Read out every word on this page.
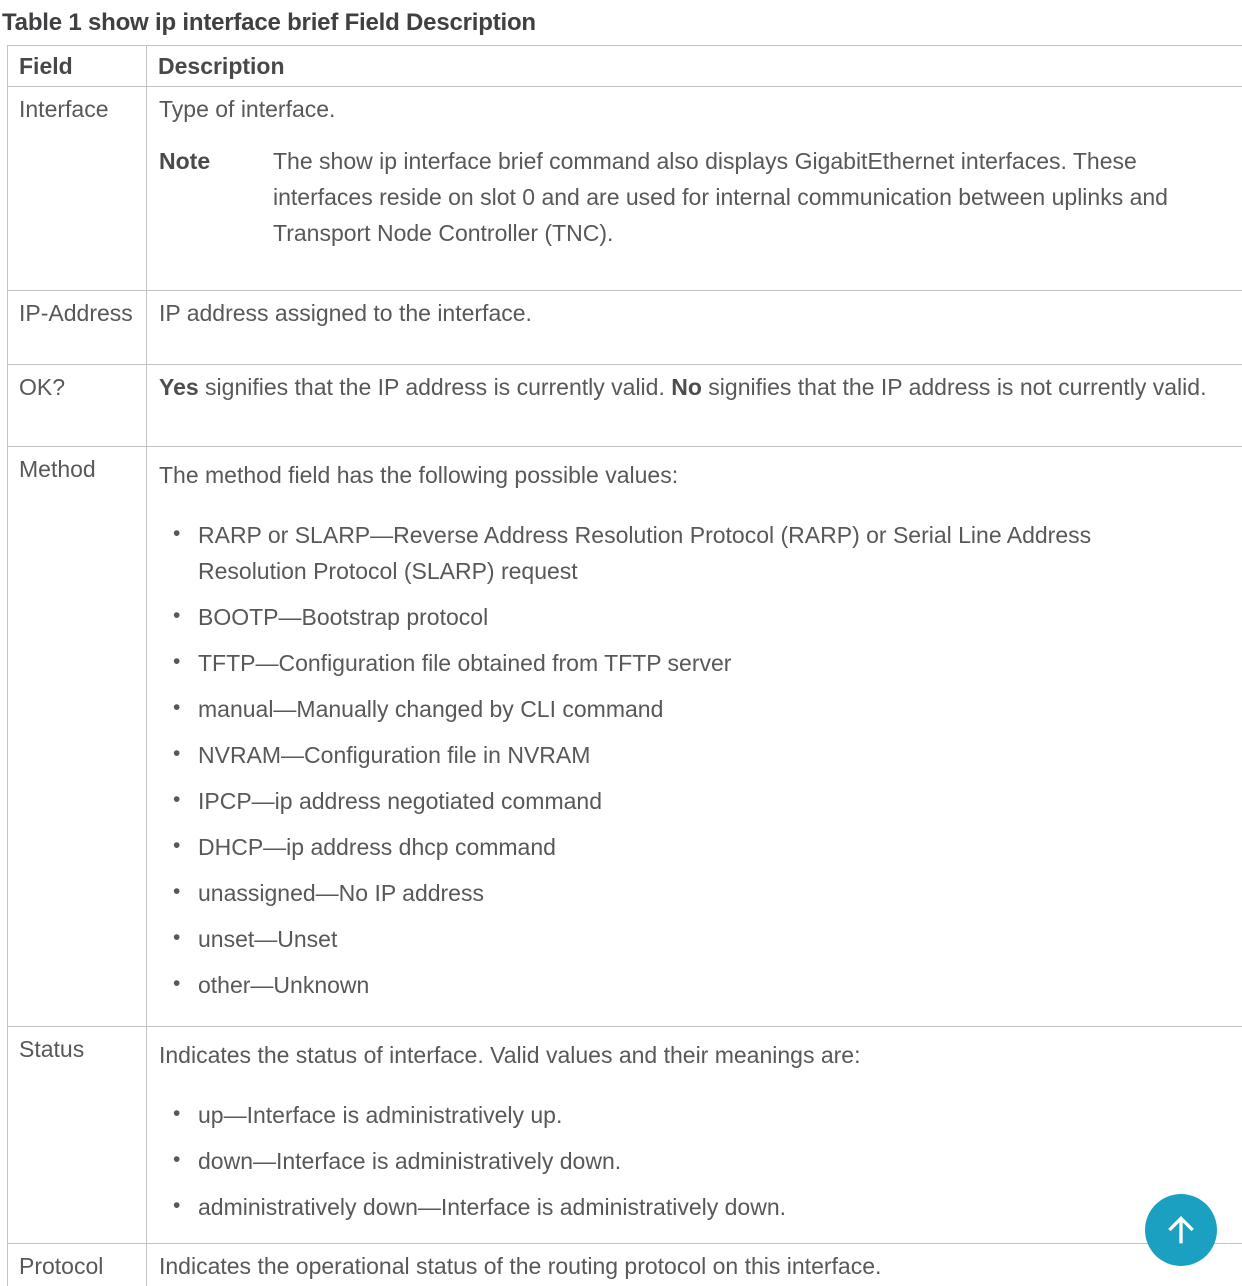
Table 1 show ip interface brief Field Description
Field	Description
Interface	Type of interface.

Note The show ip interface brief command also displays GigabitEthernet interfaces. These interfaces reside on slot 0 and are used for internal communication between uplinks and Transport Node Controller (TNC).

IP-Address	IP address assigned to the interface.

OK?	Yes signifies that the IP address is currently valid. No signifies that the IP address is not currently valid.

Method	The method field has the following possible values:

• RARP or SLARP—Reverse Address Resolution Protocol (RARP) or Serial Line Address Resolution Protocol (SLARP) request
• BOOTP—Bootstrap protocol
• TFTP—Configuration file obtained from TFTP server
• manual—Manually changed by CLI command
• NVRAM—Configuration file in NVRAM
• IPCP—ip address negotiated command
• DHCP—ip address dhcp command
• unassigned—No IP address
• unset—Unset
• other—Unknown

Status	Indicates the status of interface. Valid values and their meanings are:

• up—Interface is administratively up.
• down—Interface is administratively down.
• administratively down—Interface is administratively down.

Protocol	Indicates the operational status of the routing protocol on this interface.
